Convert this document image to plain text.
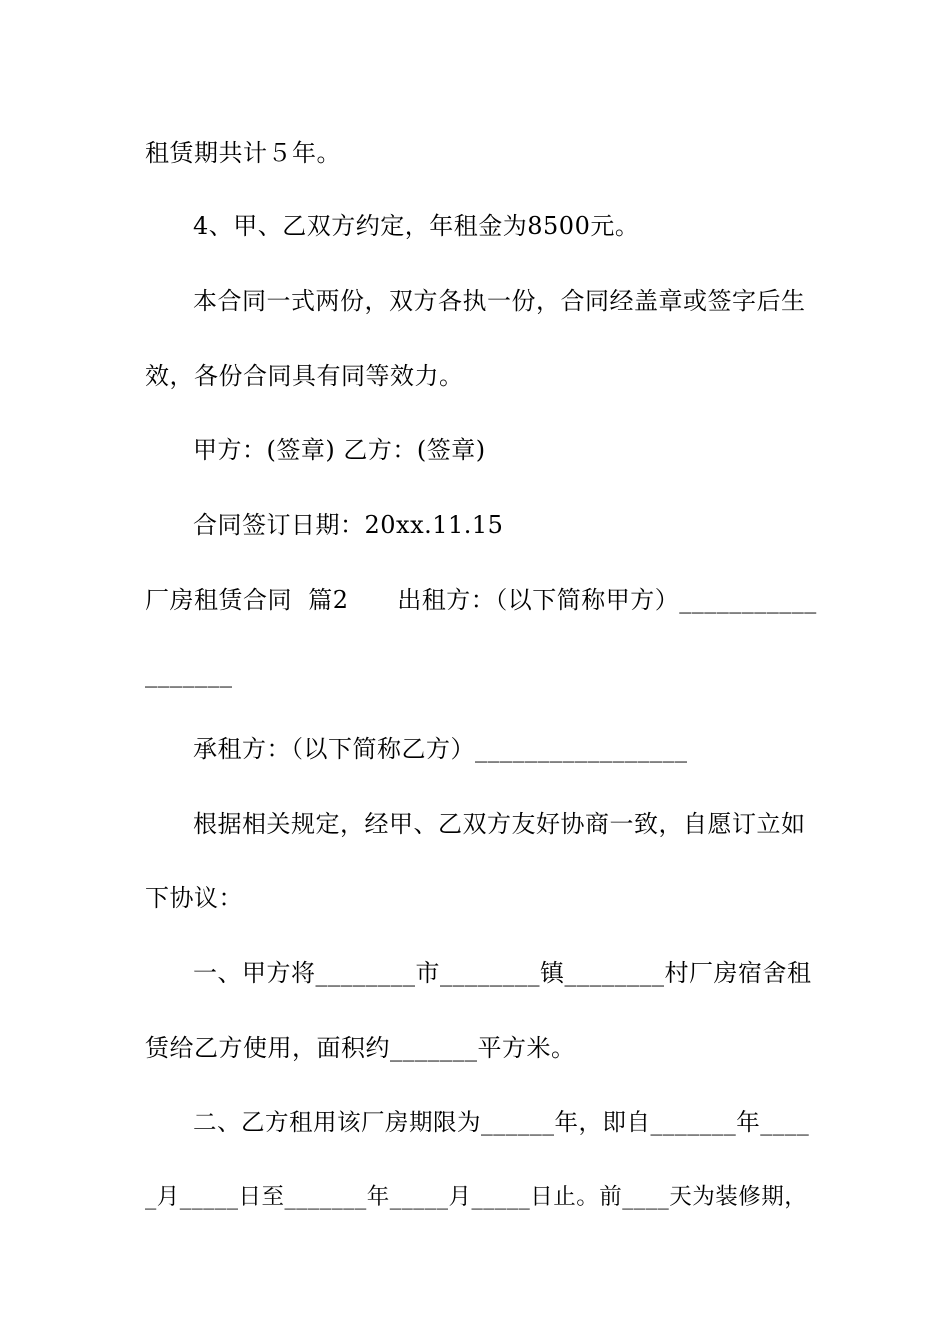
租赁期共计５年。
4、甲、乙双方约定，年租金为8500元。
本合同一式两份，双方各执一份，合同经盖章或签字后生
效，各份合同具有同等效力。
甲方：(签章) 乙方：(签章)
合同签订日期：20xx.11.15
厂房租赁合同  篇2      出租方：（以下简称甲方）___________
_______
承租方：（以下简称乙方）_________________
根据相关规定，经甲、乙双方友好协商一致，自愿订立如
下协议：
一、甲方将________市________镇________村厂房宿舍租
赁给乙方使用，面积约_______平方米。
二、乙方租用该厂房期限为______年，即自_______年____
_月_____日至_______年_____月_____日止。前____天为装修期，
